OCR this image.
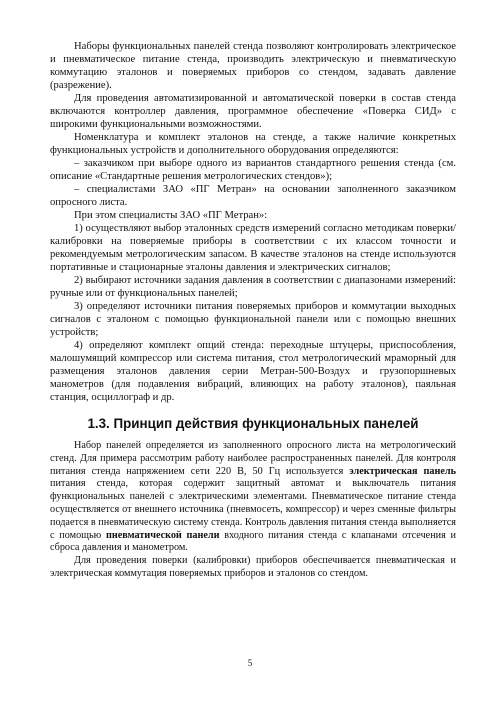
Наборы функциональных панелей стенда позволяют контролировать электрическое и пневматическое питание стенда, производить электрическую и пневматическую коммутацию эталонов и поверяемых приборов со стендом, задавать давление (разрежение).

Для проведения автоматизированной и автоматической поверки в состав стенда включаются контроллер давления, программное обеспечение «Поверка СИД» с широкими функциональными возможностями.

Номенклатура и комплект эталонов на стенде, а также наличие конкретных функциональных устройств и дополнительного оборудования определяются:

– заказчиком при выборе одного из вариантов стандартного решения стенда (см. описание «Стандартные решения метрологических стендов»);

– специалистами ЗАО «ПГ Метран» на основании заполненного заказчиком опросного листа.

При этом специалисты ЗАО «ПГ Метран»:

1) осуществляют выбор эталонных средств измерений согласно методикам поверки/калибровки на поверяемые приборы в соответствии с их классом точности и рекомендуемым метрологическим запасом. В качестве эталонов на стенде используются портативные и стационарные эталоны давления и электрических сигналов;

2) выбирают источники задания давления в соответствии с диапазонами измерений: ручные или от функциональных панелей;

3) определяют источники питания поверяемых приборов и коммутации выходных сигналов с эталоном с помощью функциональной панели или с помощью внешних устройств;

4) определяют комплект опций стенда: переходные штуцеры, приспособления, малошумящий компрессор или система питания, стол метрологический мраморный для размещения эталонов давления серии Метран-500-Воздух и грузопоршневых манометров (для подавления вибраций, влияющих на работу эталонов), паяльная станция, осциллограф и др.

1.3. Принцип действия функциональных панелей

Набор панелей определяется из заполненного опросного листа на метрологический стенд. Для примера рассмотрим работу наиболее распространенных панелей. Для контроля питания стенда напряжением сети 220 В, 50 Гц используется электрическая панель питания стенда, которая содержит защитный автомат и выключатель питания функциональных панелей с электрическими элементами. Пневматическое питание стенда осуществляется от внешнего источника (пневмосеть, компрессор) и через сменные фильтры подается в пневматическую систему стенда. Контроль давления питания стенда выполняется с помощью пневматической панели входного питания стенда с клапанами отсечения и сброса давления и манометром.

Для проведения поверки (калибровки) приборов обеспечивается пневматическая и электрическая коммутация поверяемых приборов и эталонов со стендом.

5
